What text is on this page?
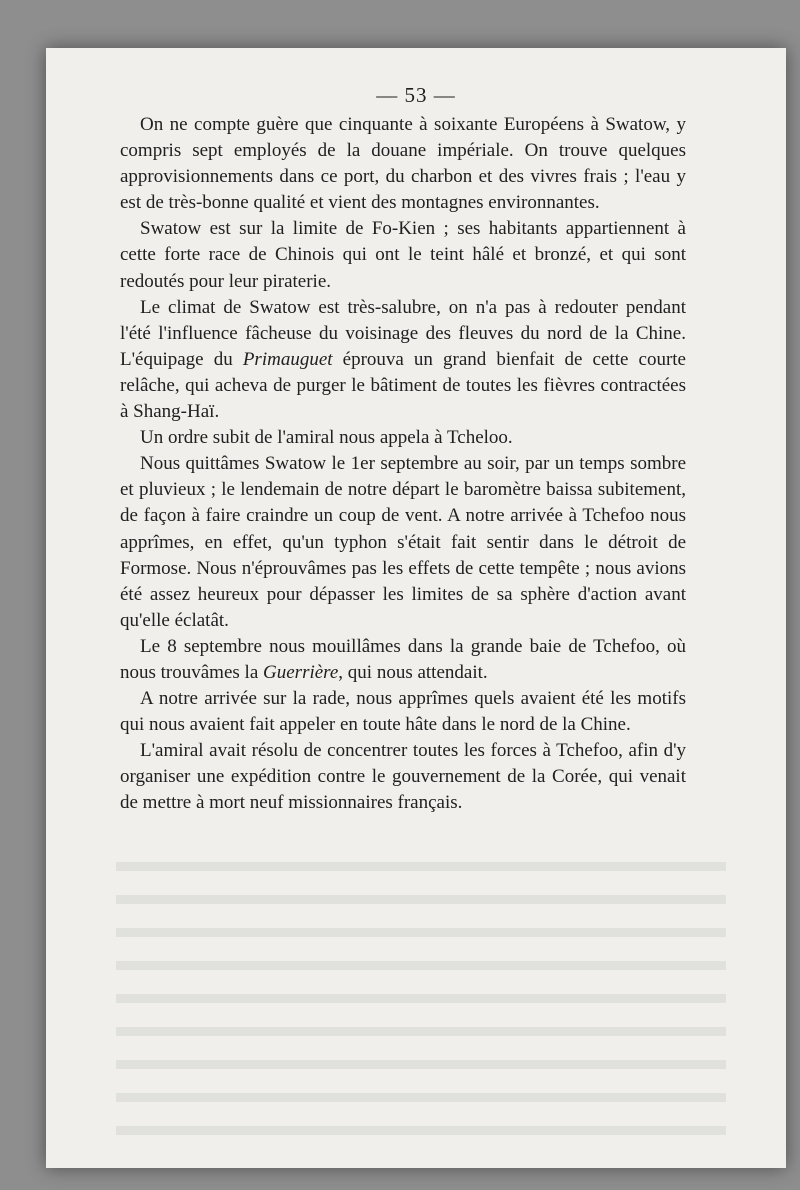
— 53 —

On ne compte guère que cinquante à soixante Européens à Swatow, y compris sept employés de la douane impériale. On trouve quelques approvisionnements dans ce port, du charbon et des vivres frais ; l'eau y est de très-bonne qualité et vient des montagnes environnantes.

Swatow est sur la limite de Fo-Kien ; ses habitants appartiennent à cette forte race de Chinois qui ont le teint hâlé et bronzé, et qui sont redoutés pour leur piraterie.

Le climat de Swatow est très-salubre, on n'a pas à redouter pendant l'été l'influence fâcheuse du voisinage des fleuves du nord de la Chine. L'équipage du Primauguet éprouva un grand bienfait de cette courte relâche, qui acheva de purger le bâtiment de toutes les fièvres contractées à Shang-Haï.

Un ordre subit de l'amiral nous appela à Tcheloo.

Nous quittâmes Swatow le 1er septembre au soir, par un temps sombre et pluvieux ; le lendemain de notre départ le baromètre baissa subitement, de façon à faire craindre un coup de vent. A notre arrivée à Tchefoo nous apprîmes, en effet, qu'un typhon s'était fait sentir dans le détroit de Formose. Nous n'éprouvâmes pas les effets de cette tempête ; nous avions été assez heureux pour dépasser les limites de sa sphère d'action avant qu'elle éclatât.

Le 8 septembre nous mouillâmes dans la grande baie de Tchefoo, où nous trouvâmes la Guerrière, qui nous attendait.

A notre arrivée sur la rade, nous apprîmes quels avaient été les motifs qui nous avaient fait appeler en toute hâte dans le nord de la Chine.

L'amiral avait résolu de concentrer toutes les forces à Tchefoo, afin d'y organiser une expédition contre le gouvernement de la Corée, qui venait de mettre à mort neuf missionnaires français.
